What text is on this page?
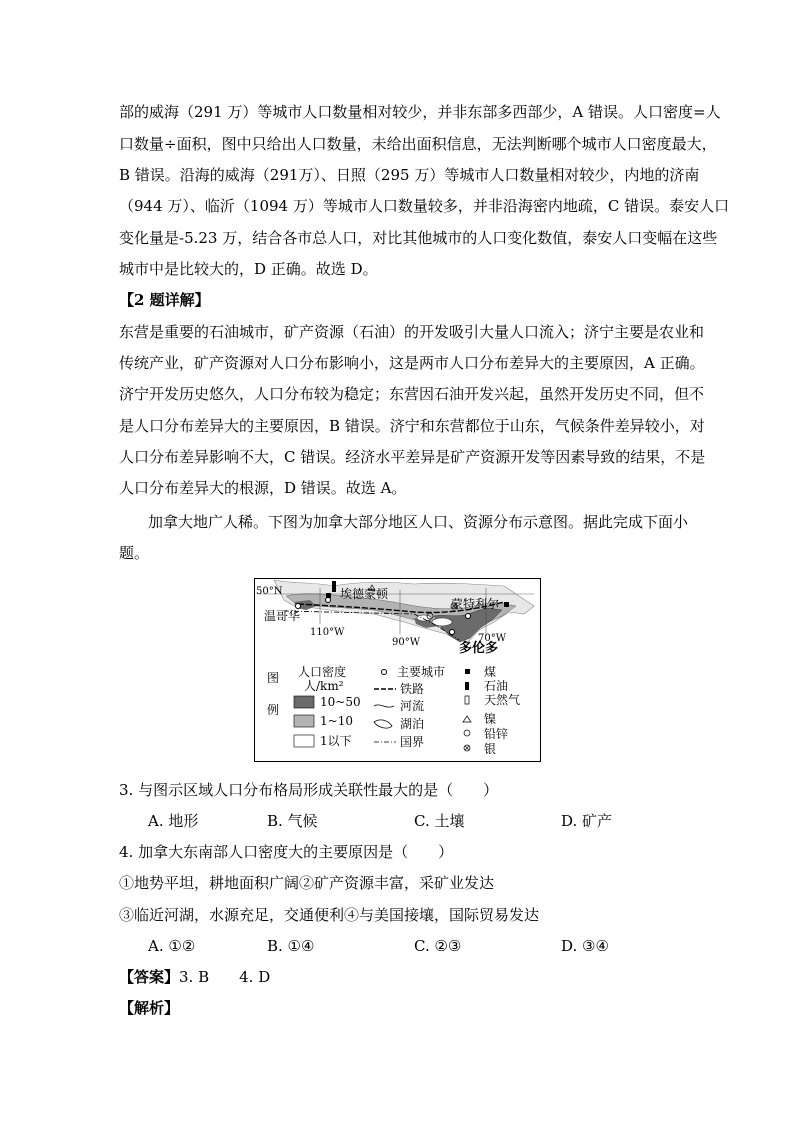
部的威海（291 万）等城市人口数量相对较少，并非东部多西部少，A 错误。人口密度=人
口数量÷面积，图中只给出人口数量，未给出面积信息，无法判断哪个城市人口密度最大，
B 错误。沿海的威海（291万）、日照（295 万）等城市人口数量相对较少，内地的济南
（944 万）、临沂（1094 万）等城市人口数量较多，并非沿海密内地疏，C 错误。泰安人口
变化量是-5.23 万，结合各市总人口，对比其他城市的人口变化数值，泰安人口变幅在这些
城市中是比较大的，D 正确。故选 D。
【2 题详解】
东营是重要的石油城市，矿产资源（石油）的开发吸引大量人口流入；济宁主要是农业和
传统产业，矿产资源对人口分布影响小，这是两市人口分布差异大的主要原因，A 正确。
济宁开发历史悠久，人口分布较为稳定；东营因石油开发兴起，虽然开发历史不同，但不
是人口分布差异大的主要原因，B 错误。济宁和东营都位于山东，气候条件差异较小，对
人口分布差异影响不大，C 错误。经济水平差异是矿产资源开发等因素导致的结果，不是
人口分布差异大的根源，D 错误。故选 A。
加拿大地广人稀。下图为加拿大部分地区人口、资源分布示意图。据此完成下面小
题。
50°N	埃德蒙顿
蒙特利尔
温哥华
110°W
90°W	70°W
多伦多
图
例
人口密度
人/km²
10~50
1~10
1以下
主要城市
铁路
河流
湖泊
国界
煤
石油
天然气
镍
铅锌
银
3. 与图示区域人口分布格局形成关联性最大的是（　　）
A. 地形	B. 气候	C. 土壤	D. 矿产
4. 加拿大东南部人口密度大的主要原因是（　　）
①地势平坦，耕地面积广阔②矿产资源丰富，采矿业发达
③临近河湖，水源充足，交通便利④与美国接壤，国际贸易发达
A. ①②	B. ①④	C. ②③	D. ③④
【答案】3. B　　4. D
【解析】
